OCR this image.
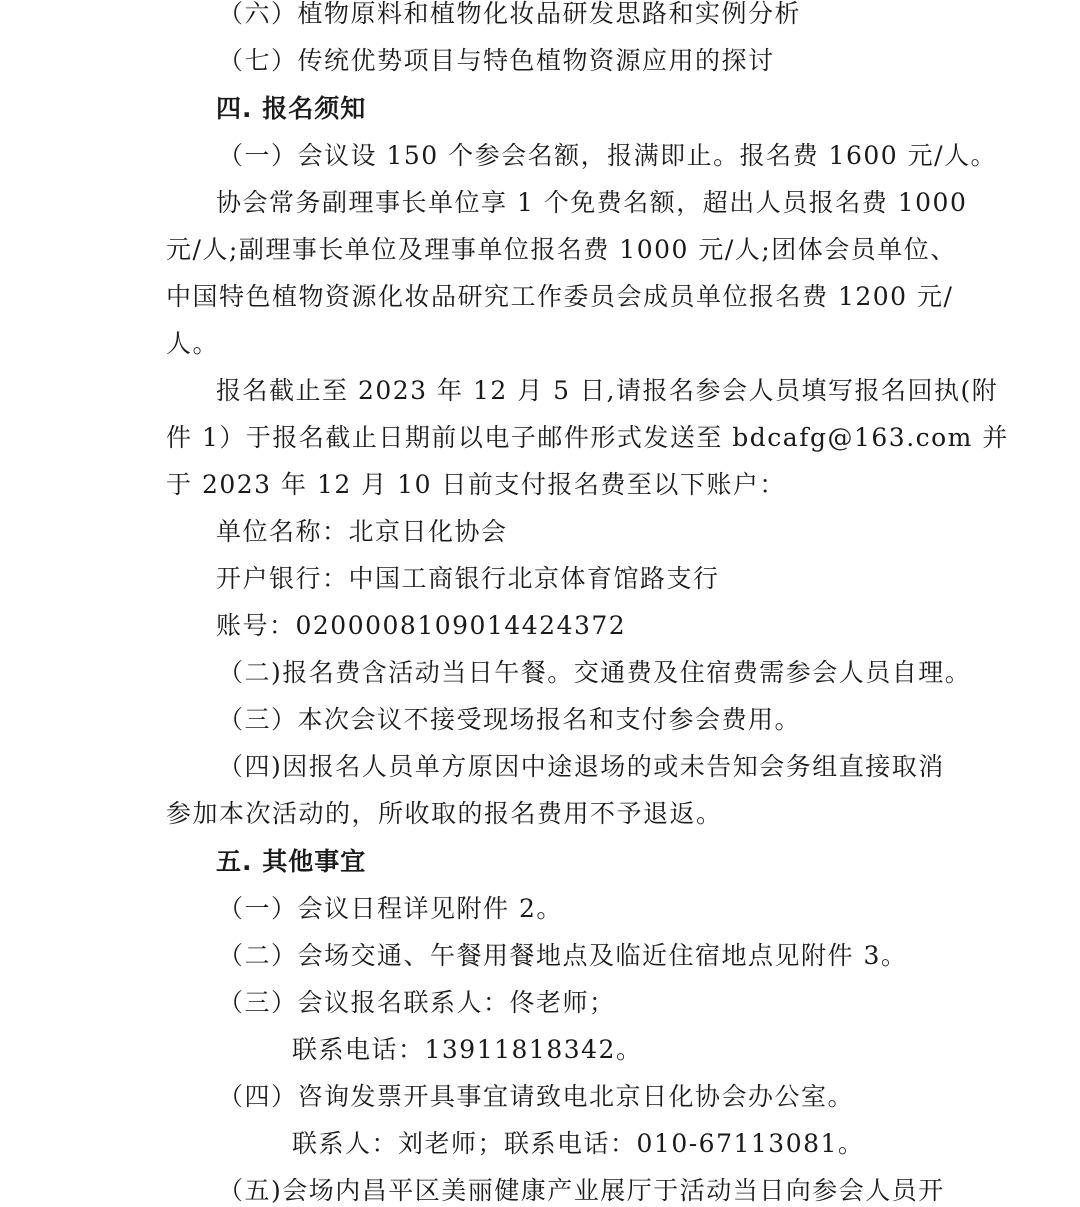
（六）植物原料和植物化妆品研发思路和实例分析
（七）传统优势项目与特色植物资源应用的探讨
四. 报名须知
（一）会议设 150 个参会名额，报满即止。报名费 1600 元/人。
协会常务副理事长单位享 1 个免费名额，超出人员报名费 1000
元/人;副理事长单位及理事单位报名费 1000 元/人;团体会员单位、
中国特色植物资源化妆品研究工作委员会成员单位报名费 1200 元/
人。
报名截止至 2023 年 12 月 5 日,请报名参会人员填写报名回执(附
件 1）于报名截止日期前以电子邮件形式发送至 bdcafg@163.com 并
于 2023 年 12 月 10 日前支付报名费至以下账户：
单位名称：北京日化协会
开户银行：中国工商银行北京体育馆路支行
账号：0200008109014424372
（二)报名费含活动当日午餐。交通费及住宿费需参会人员自理。
（三）本次会议不接受现场报名和支付参会费用。
（四)因报名人员单方原因中途退场的或未告知会务组直接取消
参加本次活动的，所收取的报名费用不予退返。
五. 其他事宜
（一）会议日程详见附件 2。
（二）会场交通、午餐用餐地点及临近住宿地点见附件 3。
（三）会议报名联系人：佟老师；
联系电话：13911818342。
（四）咨询发票开具事宜请致电北京日化协会办公室。
联系人：刘老师；联系电话：010-67113081。
（五)会场内昌平区美丽健康产业展厅于活动当日向参会人员开
